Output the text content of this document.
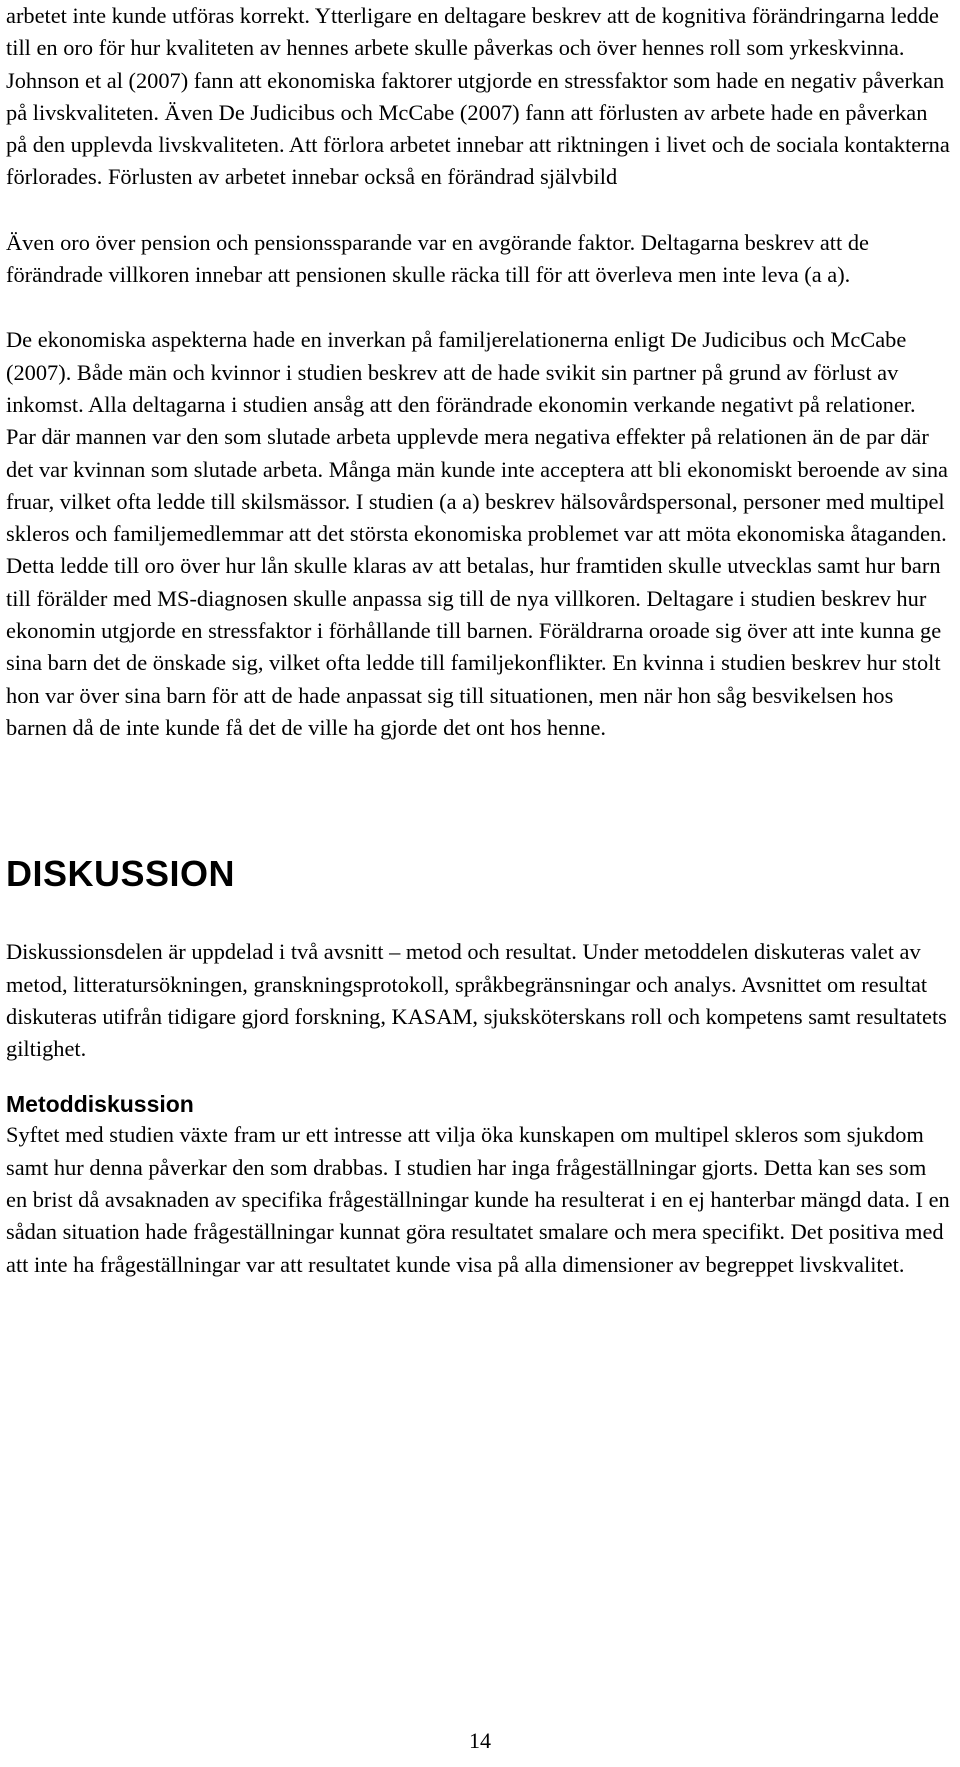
arbetet inte kunde utföras korrekt. Ytterligare en deltagare beskrev att de kognitiva förändringarna ledde till en oro för hur kvaliteten av hennes arbete skulle påverkas och över hennes roll som yrkeskvinna. Johnson et al (2007) fann att ekonomiska faktorer utgjorde en stressfaktor som hade en negativ påverkan på livskvaliteten. Även De Judicibus och McCabe (2007) fann att förlusten av arbete hade en påverkan på den upplevda livskvaliteten. Att förlora arbetet innebar att riktningen i livet och de sociala kontakterna förlorades. Förlusten av arbetet innebar också en förändrad självbild

Även oro över pension och pensionssparande var en avgörande faktor. Deltagarna beskrev att de förändrade villkoren innebar att pensionen skulle räcka till för att överleva men inte leva (a a).

De ekonomiska aspekterna hade en inverkan på familjerelationerna enligt De Judicibus och McCabe (2007). Både män och kvinnor i studien beskrev att de hade svikit sin partner på grund av förlust av inkomst. Alla deltagarna i studien ansåg att den förändrade ekonomin verkande negativt på relationer. Par där mannen var den som slutade arbeta upplevde mera negativa effekter på relationen än de par där det var kvinnan som slutade arbeta. Många män kunde inte acceptera att bli ekonomiskt beroende av sina fruar, vilket ofta ledde till skilsmässor. I studien (a a) beskrev hälsovårdspersonal, personer med multipel skleros och familjemedlemmar att det största ekonomiska problemet var att möta ekonomiska åtaganden. Detta ledde till oro över hur lån skulle klaras av att betalas, hur framtiden skulle utvecklas samt hur barn till förälder med MS-diagnosen skulle anpassa sig till de nya villkoren. Deltagare i studien beskrev hur ekonomin utgjorde en stressfaktor i förhållande till barnen. Föräldrarna oroade sig över att inte kunna ge sina barn det de önskade sig, vilket ofta ledde till familjekonflikter. En kvinna i studien beskrev hur stolt hon var över sina barn för att de hade anpassat sig till situationen, men när hon såg besvikelsen hos barnen då de inte kunde få det de ville ha gjorde det ont hos henne.

DISKUSSION

Diskussionsdelen är uppdelad i två avsnitt – metod och resultat. Under metoddelen diskuteras valet av metod, litteratursökningen, granskningsprotokoll, språkbegränsningar och analys. Avsnittet om resultat diskuteras utifrån tidigare gjord forskning, KASAM, sjuksköterskans roll och kompetens samt resultatets giltighet.

Metoddiskussion

Syftet med studien växte fram ur ett intresse att vilja öka kunskapen om multipel skleros som sjukdom samt hur denna påverkar den som drabbas. I studien har inga frågeställningar gjorts. Detta kan ses som en brist då avsaknaden av specifika frågeställningar kunde ha resulterat i en ej hanterbar mängd data. I en sådan situation hade frågeställningar kunnat göra resultatet smalare och mera specifikt. Det positiva med att inte ha frågeställningar var att resultatet kunde visa på alla dimensioner av begreppet livskvalitet.

14
